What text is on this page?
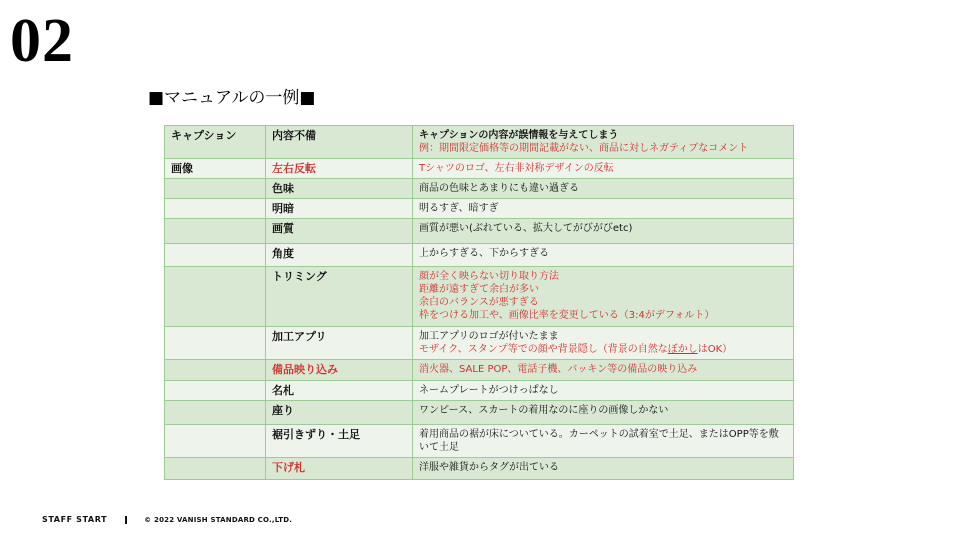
02
■マニュアルの一例■
キャプション	内容不備	キャプションの内容が誤情報を与えてしまう
例：期間限定価格等の期間記載がない、商品に対しネガティブなコメント

画像	左右反転	Tシャツのロゴ、左右非対称デザインの反転

	色味	商品の色味とあまりにも違い過ぎる

	明暗	明るすぎ、暗すぎ

	画質	画質が悪い(ぶれている、拡大してがびがびetc)

	角度	上からすぎる、下からすぎる

	トリミング	顔が全く映らない切り取り方法
距離が遠すぎて余白が多い
余白のバランスが悪すぎる
枠をつける加工や、画像比率を変更している（3:4がデフォルト）

	加工アプリ	加工アプリのロゴが付いたまま
モザイク、スタンプ等での顔や背景隠し（背景の自然なぼかしはOK）

	備品映り込み	消火器、SALE POP、電話子機、バッキン等の備品の映り込み

	名札	ネームプレートがつけっぱなし

	座り	ワンピース、スカートの着用なのに座りの画像しかない

	裾引きずり・土足	着用商品の裾が床についている。カーペットの試着室で土足、またはOPP等を敷いて土足

	下げ札	洋服や雑貨からタグが出ている
STAFF START	© 2022 VANISH STANDARD CO.,LTD.
